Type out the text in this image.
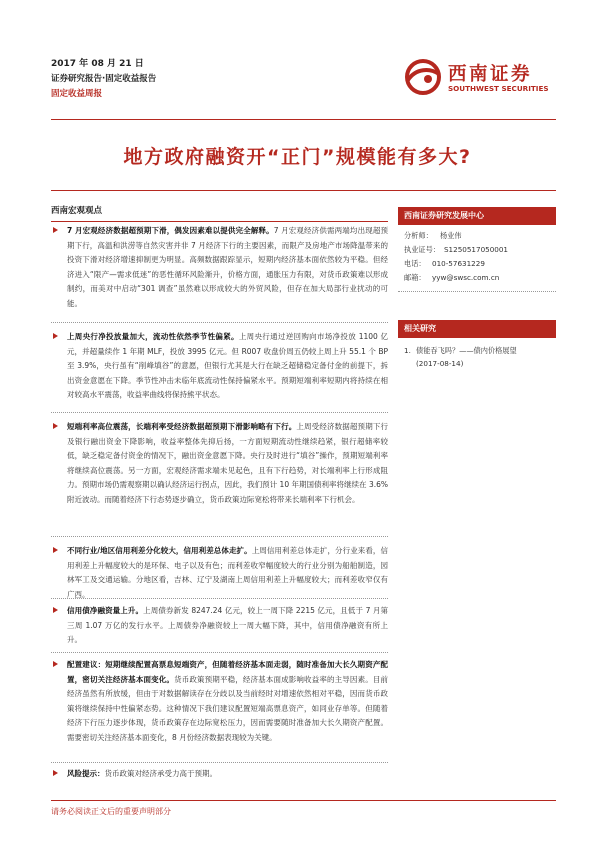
2017 年 08 月 21 日
证券研究报告·固定收益报告
固定收益周报
西南证券
SOUTHWEST SECURITIES
地方政府融资开“正门”规模能有多大?
西南宏观观点
7 月宏观经济数据超预期下滑，偶发因素难以提供完全解释。7 月宏观经济供需两端均出现超预期下行，高温和洪涝等自然灾害并非 7 月经济下行的主要因素，而限产及房地产市场降温带来的投资下滑对经济增速抑制更为明显。高频数据跟踪显示，短期内经济基本面依然较为平稳。但经济进入“限产—需求低迷”的恶性循环风险渐升，价格方面，通胀压力有限，对货币政策难以形成制约，而美对中启动“301 调查”虽然难以形成较大的外贸风险，但存在加大局部行业扰动的可能。
上周央行净投放量加大，流动性依然季节性偏紧。上周央行通过逆回购向市场净投放 1100 亿元，并超量续作 1 年期 MLF，投放 3995 亿元。但 R007 收盘价周五仍较上周上升 55.1 个 BP 至 3.9%，央行虽有“削峰填谷”的意愿，但银行尤其是大行在缺乏超储稳定备付金的前提下，拆出资金意愿在下降。季节性冲击未临年底流动性保持偏紧水平。预期短端利率短期内将持续在相对较高水平震荡，收益率曲线将保持熊平状态。
短端利率高位震荡，长端利率受经济数据超预期下滑影响略有下行。上周受经济数据超预期下行及银行融出资金下降影响，收益率整体先抑后扬，一方面短期流动性继续趋紧，银行超储率较低，缺乏稳定备付资金的情况下，融出资金意愿下降。央行及时进行“填谷”操作，预期短端利率将继续高位震荡。另一方面，宏观经济需求端未见起色，且有下行趋势，对长端利率上行形成阻力。预期市场仍需观察期以确认经济运行拐点，因此，我们预计 10 年期国债利率将继续在 3.6%附近波动。而随着经济下行态势逐步确立，货币政策边际宽松将带来长端利率下行机会。
不同行业/地区信用利差分化较大，信用利差总体走扩。上周信用利差总体走扩，分行业来看，信用利差上升幅度较大的是环保、电子以及有色；而利差收窄幅度较大的行业分别为船舶制造，园林军工及交通运输。分地区看，吉林、辽宁及湖南上周信用利差上升幅度较大；而利差收窄仅有广西。
信用债净融资量上升。上周债券新发 8247.24 亿元，较上一周下降 2215 亿元，且低于 7 月第三周 1.07 万亿的发行水平。上周债券净融资较上一周大幅下降，其中，信用债净融资有所上升。
配置建议：短期继续配置高票息短端资产，但随着经济基本面走弱，随时准备加大长久期资产配置，密切关注经济基本面变化。货币政策预期平稳，经济基本面成影响收益率的主导因素。目前经济虽然有所放缓，但由于对数据解读存在分歧以及当前经时对增速依然相对平稳，因而货币政策将继续保持中性偏紧态势。这种情况下我们建议配置短端高票息资产，如同业存单等。但随着经济下行压力逐步体现，货币政策存在边际宽松压力，因而需要随时准备加大长久期资产配置。需要密切关注经济基本面变化，8 月份经济数据表现较为关键。
风险提示：货币政策对经济承受力高于预期。
西南证券研究发展中心
分析师：	杨业伟
执业证号： S1250517050001
电话： 010-57631229
邮箱： yyw@swsc.com.cn
相关研究
1. 债能吞飞吗？——债内价格展望
(2017-08-14)
请务必阅读正文后的重要声明部分
